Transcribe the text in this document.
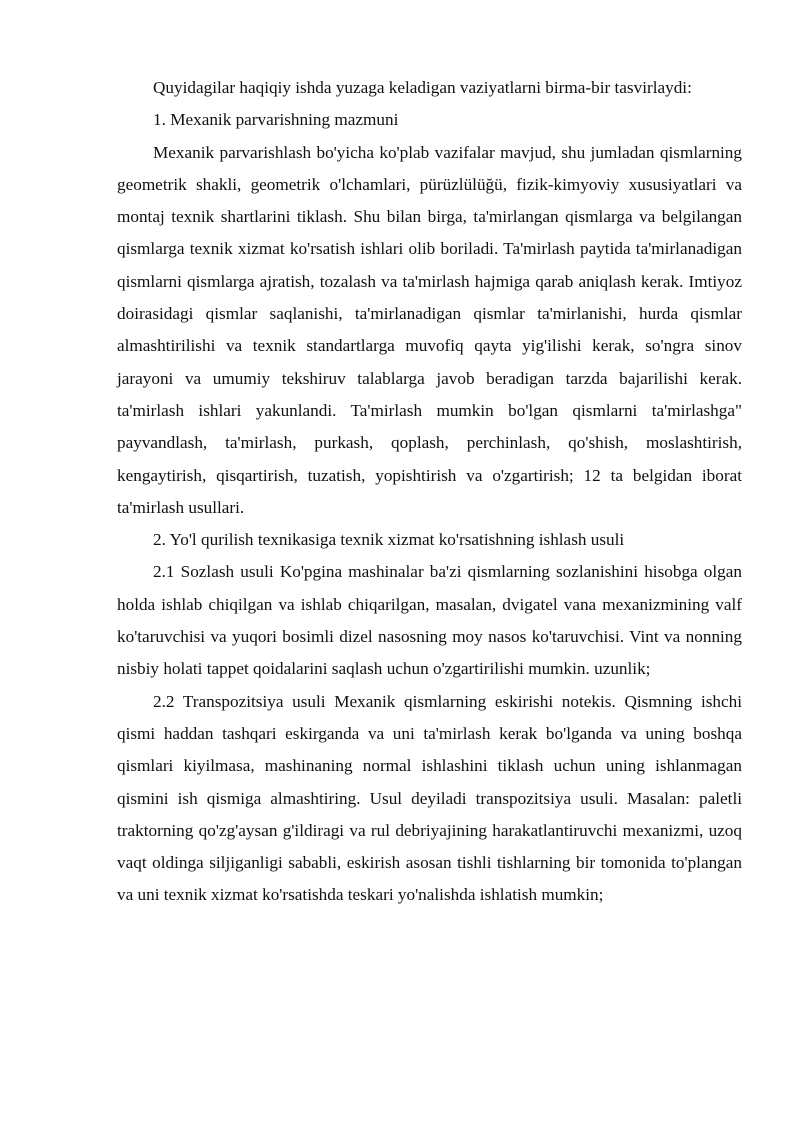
Quyidagilar haqiqiy ishda yuzaga keladigan vaziyatlarni birma-bir tasvirlaydi:

1. Mexanik parvarishning mazmuni

Mexanik parvarishlash bo'yicha ko'plab vazifalar mavjud, shu jumladan qismlarning geometrik shakli, geometrik o'lchamlari, pürüzlülüğü, fizik-kimyoviy xususiyatlari va montaj texnik shartlarini tiklash. Shu bilan birga, ta'mirlangan qismlarga va belgilangan qismlarga texnik xizmat ko'rsatish ishlari olib boriladi. Ta'mirlash paytida ta'mirlanadigan qismlarni qismlarga ajratish, tozalash va ta'mirlash hajmiga qarab aniqlash kerak. Imtiyoz doirasidagi qismlar saqlanishi, ta'mirlanadigan qismlar ta'mirlanishi, hurda qismlar almashtirilishi va texnik standartlarga muvofiq qayta yig'ilishi kerak, so'ngra sinov jarayoni va umumiy tekshiruv talablarga javob beradigan tarzda bajarilishi kerak. ta'mirlash ishlari yakunlandi. Ta'mirlash mumkin bo'lgan qismlarni ta'mirlashga" payvandlash, ta'mirlash, purkash, qoplash, perchinlash, qo'shish, moslashtirish, kengaytirish, qisqartirish, tuzatish, yopishtirish va o'zgartirish; 12 ta belgidan iborat ta'mirlash usullari.

2. Yo'l qurilish texnikasiga texnik xizmat ko'rsatishning ishlash usuli

2.1 Sozlash usuli Ko'pgina mashinalar ba'zi qismlarning sozlanishini hisobga olgan holda ishlab chiqilgan va ishlab chiqarilgan, masalan, dvigatel vana mexanizmining valf ko'taruvchisi va yuqori bosimli dizel nasosning moy nasos ko'taruvchisi. Vint va nonning nisbiy holati tappet qoidalarini saqlash uchun o'zgartirilishi mumkin. uzunlik;

2.2 Transpozitsiya usuli Mexanik qismlarning eskirishi notekis. Qismning ishchi qismi haddan tashqari eskirganda va uni ta'mirlash kerak bo'lganda va uning boshqa qismlari kiyilmasa, mashinaning normal ishlashini tiklash uchun uning ishlanmagan qismini ish qismiga almashtiring. Usul deyiladi transpozitsiya usuli. Masalan: paletli traktorning qo'zg'aysan g'ildiragi va rul debriyajining harakatlantiruvchi mexanizmi, uzoq vaqt oldinga siljiganligi sababli, eskirish asosan tishli tishlarning bir tomonida to'plangan va uni texnik xizmat ko'rsatishda teskari yo'nalishda ishlatish mumkin;
